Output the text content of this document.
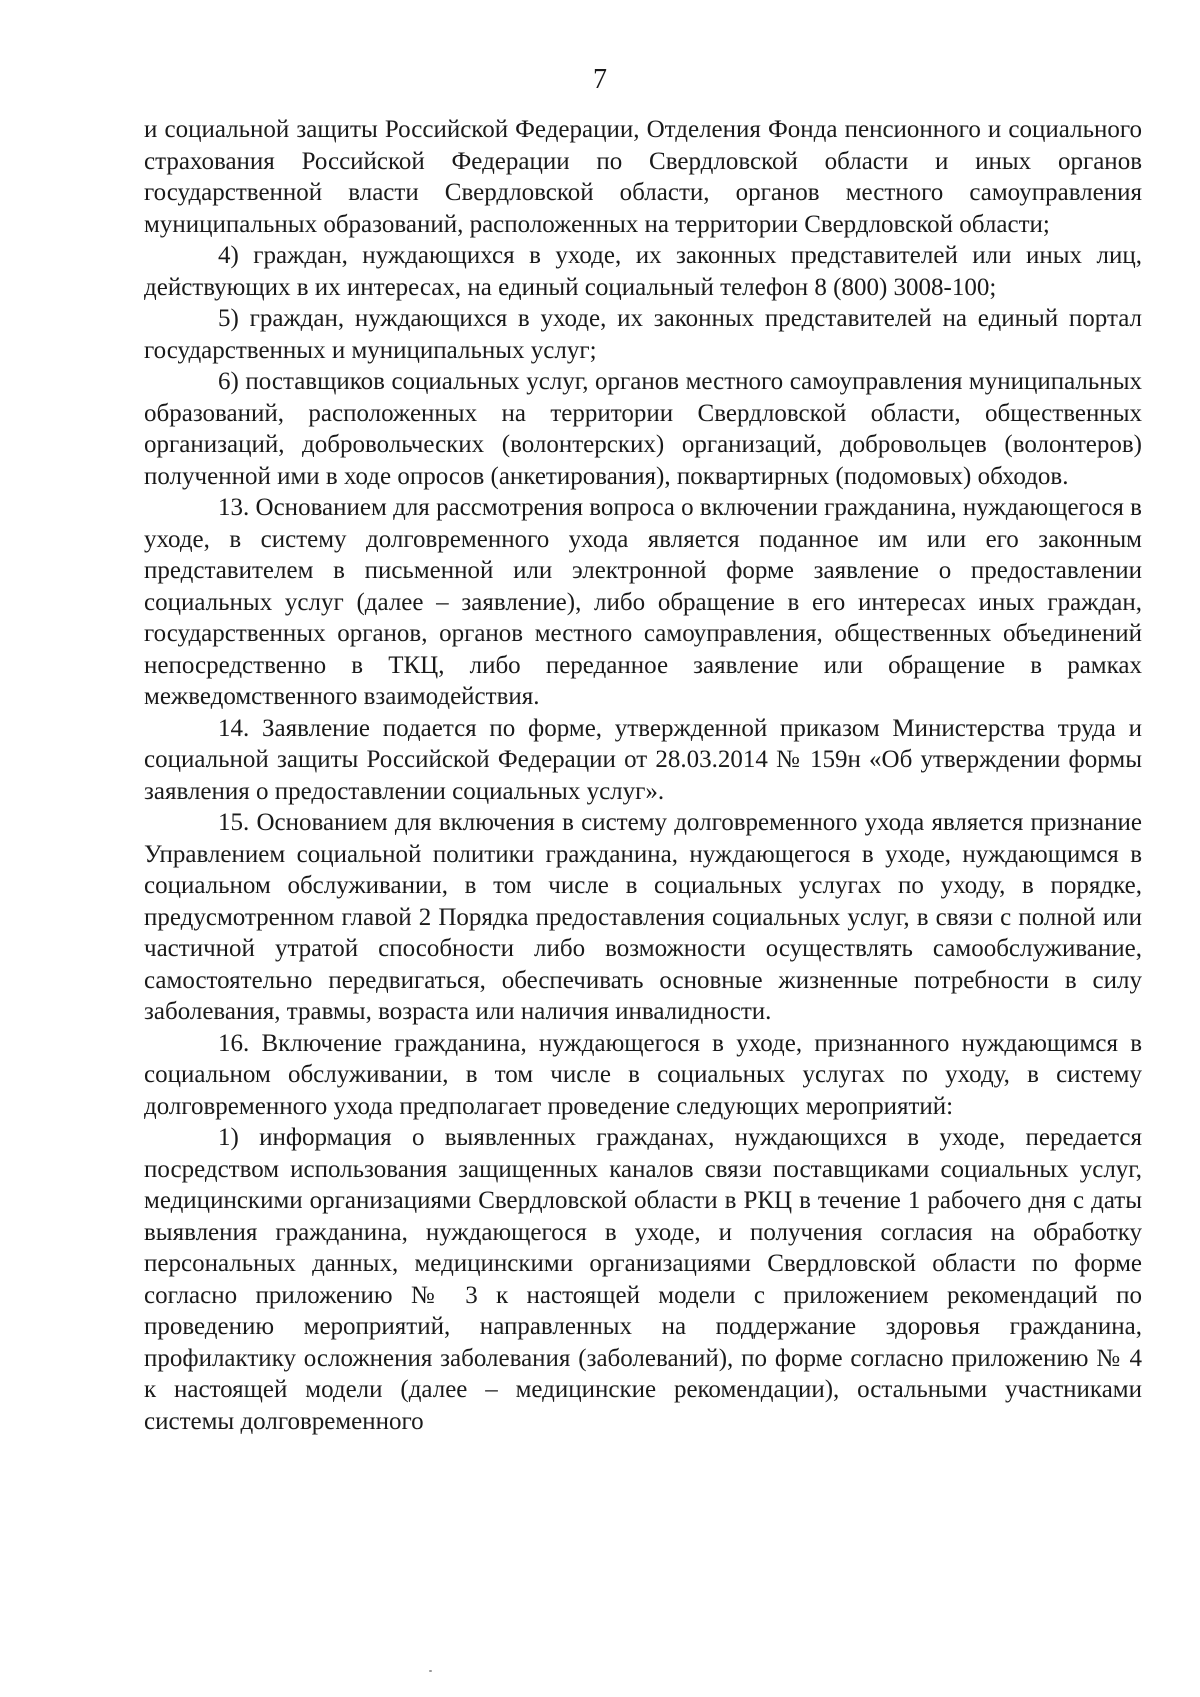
7

и социальной защиты Российской Федерации, Отделения Фонда пенсионного и социального страхования Российской Федерации по Свердловской области и иных органов государственной власти Свердловской области, органов местного самоуправления муниципальных образований, расположенных на территории Свердловской области;

4) граждан, нуждающихся в уходе, их законных представителей или иных лиц, действующих в их интересах, на единый социальный телефон 8 (800) 3008-100;

5) граждан, нуждающихся в уходе, их законных представителей на единый портал государственных и муниципальных услуг;

6) поставщиков социальных услуг, органов местного самоуправления муниципальных образований, расположенных на территории Свердловской области, общественных организаций, добровольческих (волонтерских) организаций, добровольцев (волонтеров) полученной ими в ходе опросов (анкетирования), поквартирных (подомовых) обходов.

13. Основанием для рассмотрения вопроса о включении гражданина, нуждающегося в уходе, в систему долговременного ухода является поданное им или его законным представителем в письменной или электронной форме заявление о предоставлении социальных услуг (далее – заявление), либо обращение в его интересах иных граждан, государственных органов, органов местного самоуправления, общественных объединений непосредственно в ТКЦ, либо переданное заявление или обращение в рамках межведомственного взаимодействия.

14. Заявление подается по форме, утвержденной приказом Министерства труда и социальной защиты Российской Федерации от 28.03.2014 № 159н «Об утверждении формы заявления о предоставлении социальных услуг».

15. Основанием для включения в систему долговременного ухода является признание Управлением социальной политики гражданина, нуждающегося в уходе, нуждающимся в социальном обслуживании, в том числе в социальных услугах по уходу, в порядке, предусмотренном главой 2 Порядка предоставления социальных услуг, в связи с полной или частичной утратой способности либо возможности осуществлять самообслуживание, самостоятельно передвигаться, обеспечивать основные жизненные потребности в силу заболевания, травмы, возраста или наличия инвалидности.

16. Включение гражданина, нуждающегося в уходе, признанного нуждающимся в социальном обслуживании, в том числе в социальных услугах по уходу, в систему долговременного ухода предполагает проведение следующих мероприятий:

1) информация о выявленных гражданах, нуждающихся в уходе, передается посредством использования защищенных каналов связи поставщиками социальных услуг, медицинскими организациями Свердловской области в РКЦ в течение 1 рабочего дня с даты выявления гражданина, нуждающегося в уходе, и получения согласия на обработку персональных данных, медицинскими организациями Свердловской области по форме согласно приложению № 3 к настоящей модели с приложением рекомендаций по проведению мероприятий, направленных на поддержание здоровья гражданина, профилактику осложнения заболевания (заболеваний), по форме согласно приложению № 4 к настоящей модели (далее – медицинские рекомендации), остальными участниками системы долговременного
